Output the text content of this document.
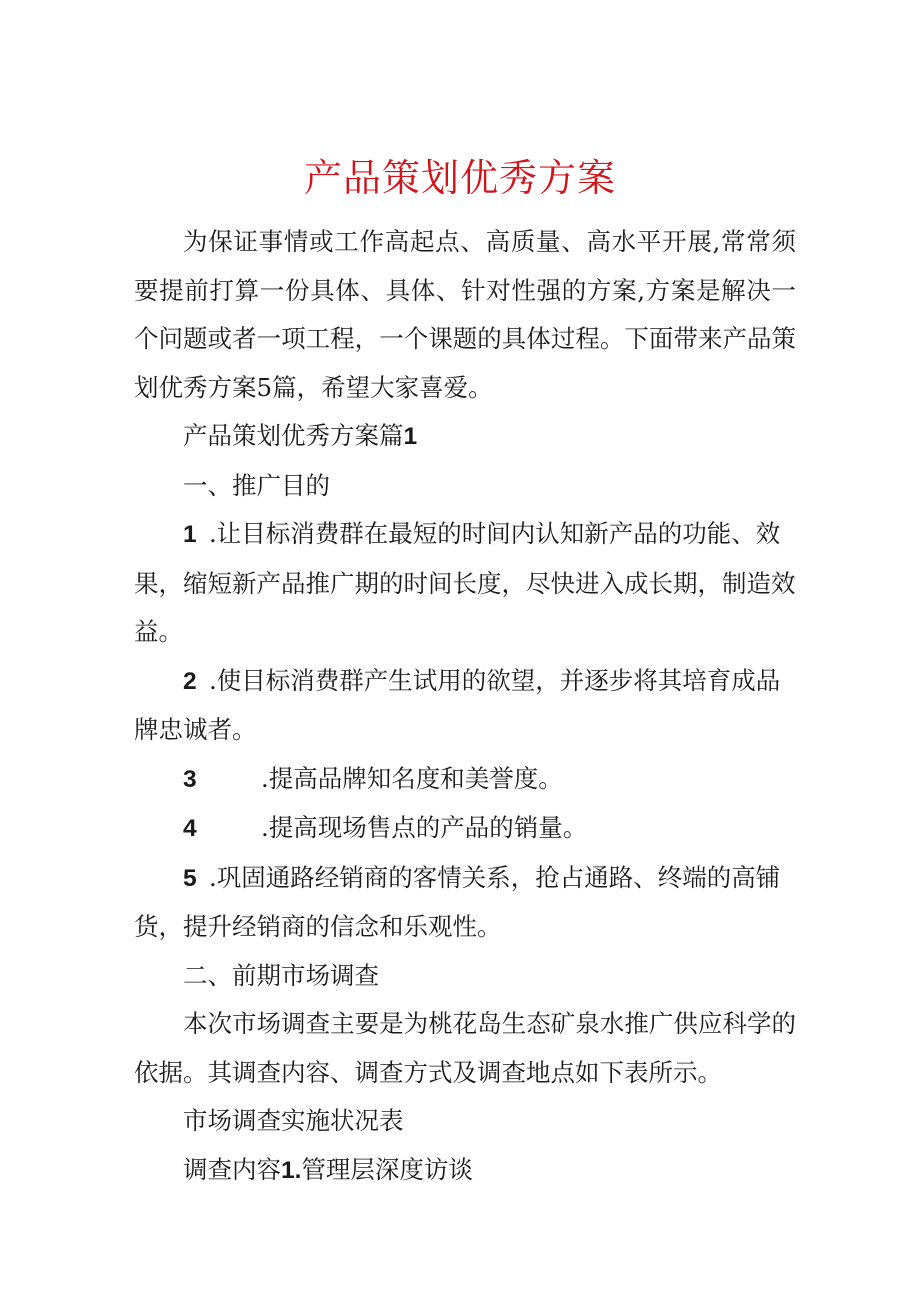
产品策划优秀方案

为保证事情或工作高起点、高质量、高水平开展,常常须要提前打算一份具体、具体、针对性强的方案,方案是解决一个问题或者一项工程，一个课题的具体过程。下面带来产品策划优秀方案5篇，希望大家喜爱。

产品策划优秀方案篇1

一、推广目的

1 .让目标消费群在最短的时间内认知新产品的功能、效果，缩短新产品推广期的时间长度，尽快进入成长期，制造效益。

2 .使目标消费群产生试用的欲望，并逐步将其培育成品牌忠诚者。

3	.提高品牌知名度和美誉度。

4	.提高现场售点的产品的销量。

5 .巩固通路经销商的客情关系，抢占通路、终端的高铺货，提升经销商的信念和乐观性。

二、前期市场调查

本次市场调查主要是为桃花岛生态矿泉水推广供应科学的依据。其调查内容、调查方式及调查地点如下表所示。

市场调查实施状况表

调查内容1.管理层深度访谈
